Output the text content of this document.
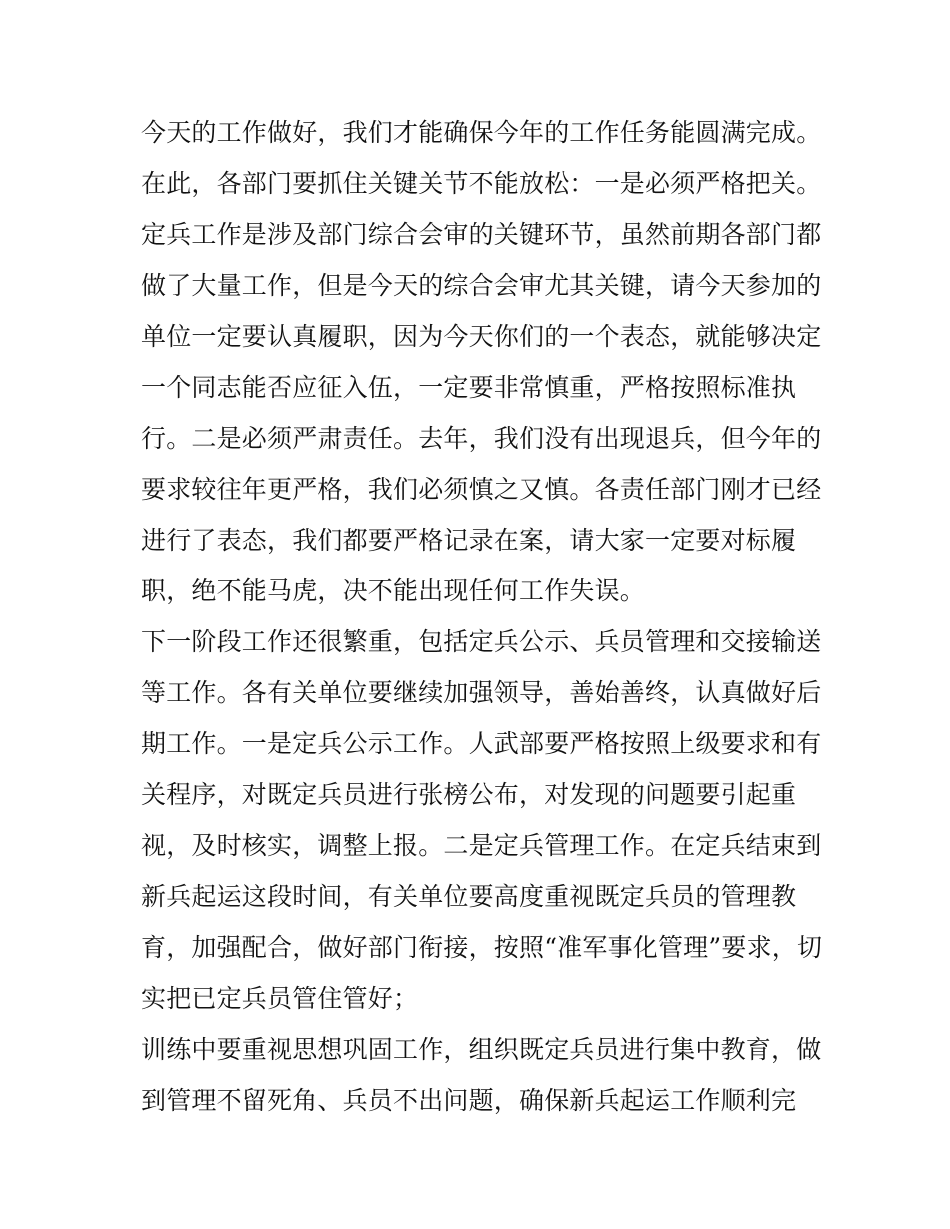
今天的工作做好，我们才能确保今年的工作任务能圆满完成。
在此，各部门要抓住关键关节不能放松：一是必须严格把关。
定兵工作是涉及部门综合会审的关键环节，虽然前期各部门都
做了大量工作，但是今天的综合会审尤其关键，请今天参加的
单位一定要认真履职，因为今天你们的一个表态，就能够决定
一个同志能否应征入伍，一定要非常慎重，严格按照标准执
行。二是必须严肃责任。去年，我们没有出现退兵，但今年的
要求较往年更严格，我们必须慎之又慎。各责任部门刚才已经
进行了表态，我们都要严格记录在案，请大家一定要对标履
职，绝不能马虎，决不能出现任何工作失误。
下一阶段工作还很繁重，包括定兵公示、兵员管理和交接输送
等工作。各有关单位要继续加强领导，善始善终，认真做好后
期工作。一是定兵公示工作。人武部要严格按照上级要求和有
关程序，对既定兵员进行张榜公布，对发现的问题要引起重
视，及时核实，调整上报。二是定兵管理工作。在定兵结束到
新兵起运这段时间，有关单位要高度重视既定兵员的管理教
育，加强配合，做好部门衔接，按照“准军事化管理”要求，切
实把已定兵员管住管好；
训练中要重视思想巩固工作，组织既定兵员进行集中教育，做
到管理不留死角、兵员不出问题，确保新兵起运工作顺利完
